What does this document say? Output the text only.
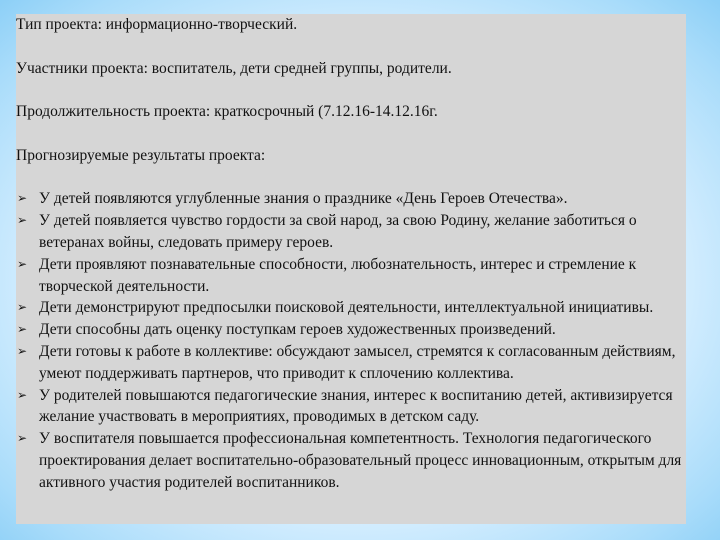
Тип проекта: информационно-творческий.

Участники проекта: воспитатель, дети средней группы, родители.

Продолжительность проекта: краткосрочный (7.12.16-14.12.16г.

Прогнозируемые результаты проекта:

➢ У детей появляются углубленные знания о празднике «День Героев Отечества».
➢ У детей появляется чувство гордости за свой народ, за свою Родину, желание заботиться о ветеранах войны, следовать примеру героев.
➢ Дети проявляют познавательные способности, любознательность, интерес и стремление к творческой деятельности.
➢ Дети демонстрируют предпосылки поисковой деятельности, интеллектуальной инициативы.
➢ Дети способны дать оценку поступкам героев художественных произведений.
➢ Дети готовы к работе в коллективе: обсуждают замысел, стремятся к согласованным действиям, умеют поддерживать партнеров, что приводит к сплочению коллектива.
➢ У родителей повышаются педагогические знания, интерес к воспитанию детей, активизируется желание участвовать в мероприятиях, проводимых в детском саду.
➢ У воспитателя повышается профессиональная компетентность. Технология педагогического проектирования делает воспитательно-образовательный процесс инновационным, открытым для активного участия родителей воспитанников.
